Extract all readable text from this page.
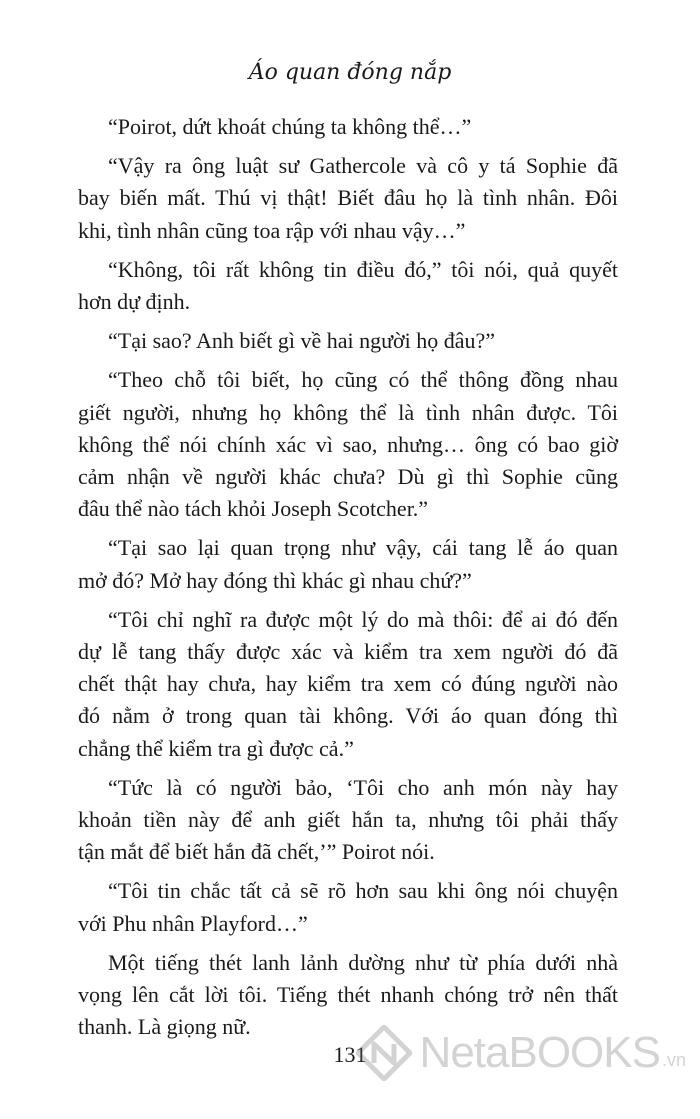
Áo quan đóng nắp
“Poirot, dứt khoát chúng ta không thể…”
“Vậy ra ông luật sư Gathercole và cô y tá Sophie đã
bay biến mất. Thú vị thật! Biết đâu họ là tình nhân. Đôi
khi, tình nhân cũng toa rập với nhau vậy…”
“Không, tôi rất không tin điều đó,” tôi nói, quả quyết
hơn dự định.
“Tại sao? Anh biết gì về hai người họ đâu?”
“Theo chỗ tôi biết, họ cũng có thể thông đồng nhau
giết người, nhưng họ không thể là tình nhân được. Tôi
không thể nói chính xác vì sao, nhưng… ông có bao giờ
cảm nhận về người khác chưa? Dù gì thì Sophie cũng
đâu thể nào tách khỏi Joseph Scotcher.”
“Tại sao lại quan trọng như vậy, cái tang lễ áo quan
mở đó? Mở hay đóng thì khác gì nhau chứ?”
“Tôi chỉ nghĩ ra được một lý do mà thôi: để ai đó đến
dự lễ tang thấy được xác và kiểm tra xem người đó đã
chết thật hay chưa, hay kiểm tra xem có đúng người nào
đó nằm ở trong quan tài không. Với áo quan đóng thì
chẳng thể kiểm tra gì được cả.”
“Tức là có người bảo, ‘Tôi cho anh món này hay
khoản tiền này để anh giết hắn ta, nhưng tôi phải thấy
tận mắt để biết hắn đã chết,’” Poirot nói.
“Tôi tin chắc tất cả sẽ rõ hơn sau khi ông nói chuyện
với Phu nhân Playford…”
Một tiếng thét lanh lảnh dường như từ phía dưới nhà
vọng lên cắt lời tôi. Tiếng thét nhanh chóng trở nên thất
thanh. Là giọng nữ.
131	NetaBOOKS .vn
